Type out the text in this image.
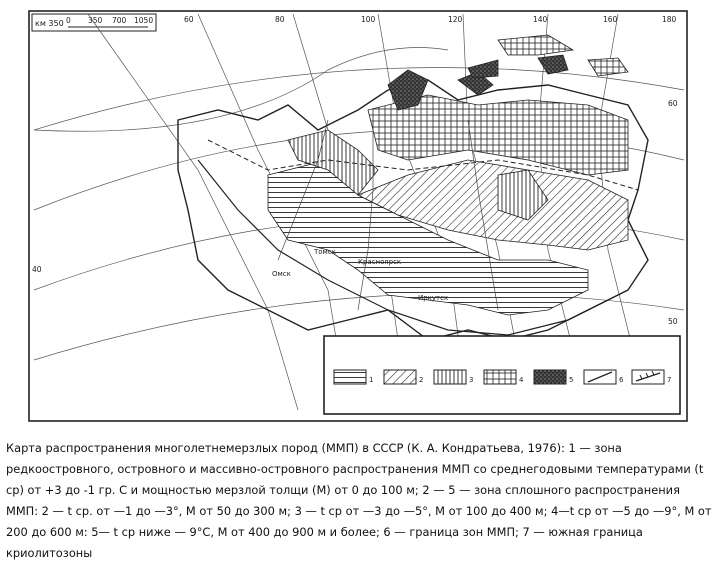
км 350 0 350 700 1050	60	80	100	120	140	160	180
40
60
50
Красноярск
Омск
Томск
Иркутск
1	2	3	4	5	6	7

Карта распространения многолетнемерзлых пород (ММП) в СССР (К. А. Кондратьева, 1976): 1 — зона редкоостровного, островного и массивно-островного распространения ММП со среднегодовыми температурами (t ср) от +3 до -1 гр. С и мощностью мерзлой толщи (М) от 0 до 100 м; 2 — 5 — зона сплошного распространения ММП: 2 — t ср. от —1 до —3°, М от 50 до 300 м; 3 — t ср от —3 до —5°, М от 100 до 400 м; 4—t ср от —5 до —9°, М от 200 до 600 м: 5— t ср ниже — 9°С, М от 400 до 900 м и более; 6 — граница зон ММП; 7 — южная граница криолитозоны
